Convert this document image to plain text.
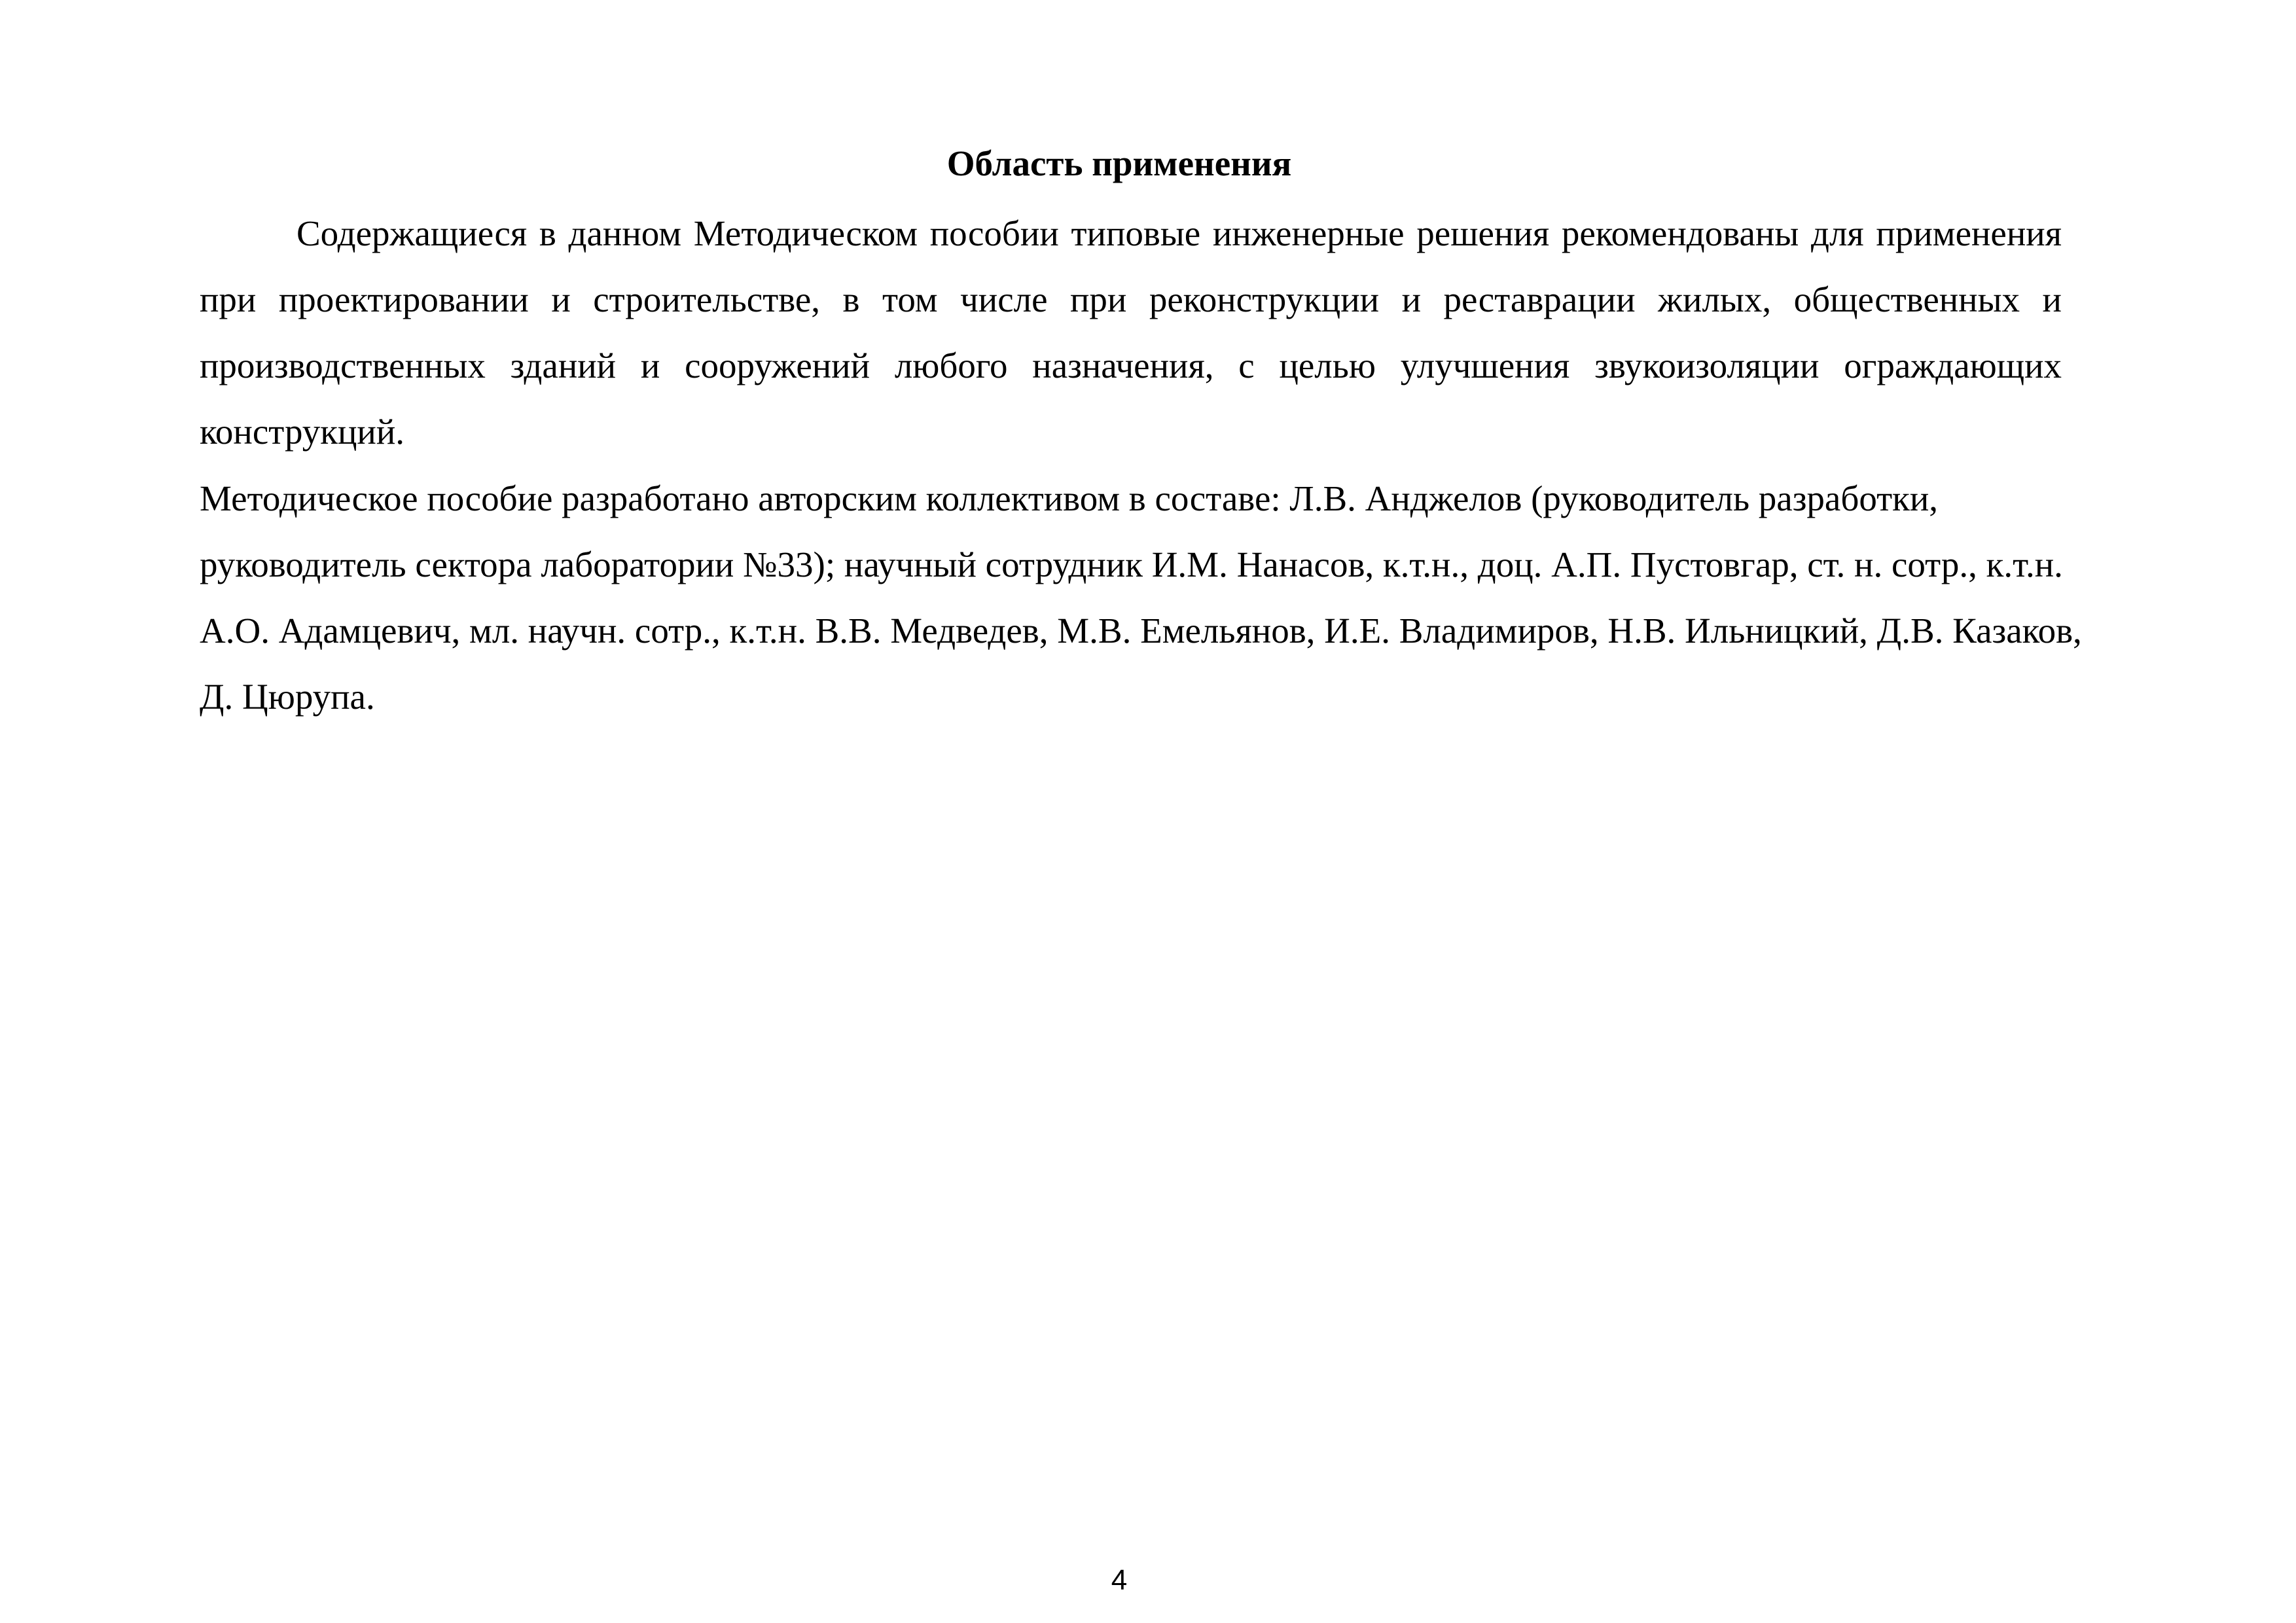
Область применения

Содержащиеся в данном Методическом пособии типовые инженерные решения рекомендованы для применения при проектировании и строительстве, в том числе при реконструкции и реставрации жилых, общественных и производственных зданий и сооружений любого назначения, с целью улучшения звукоизоляции ограждающих конструкций.

Методическое пособие разработано авторским коллективом в составе: Л.В. Анджелов (руководитель разработки, руководитель сектора лаборатории №33); научный сотрудник И.М. Нанасов, к.т.н., доц. А.П. Пустовгар, ст. н. сотр., к.т.н. А.О. Адамцевич, мл. научн. сотр., к.т.н. В.В. Медведев, М.В. Емельянов, И.Е. Владимиров, Н.В. Ильницкий, Д.В. Казаков, Д. Цюрупа.

4
